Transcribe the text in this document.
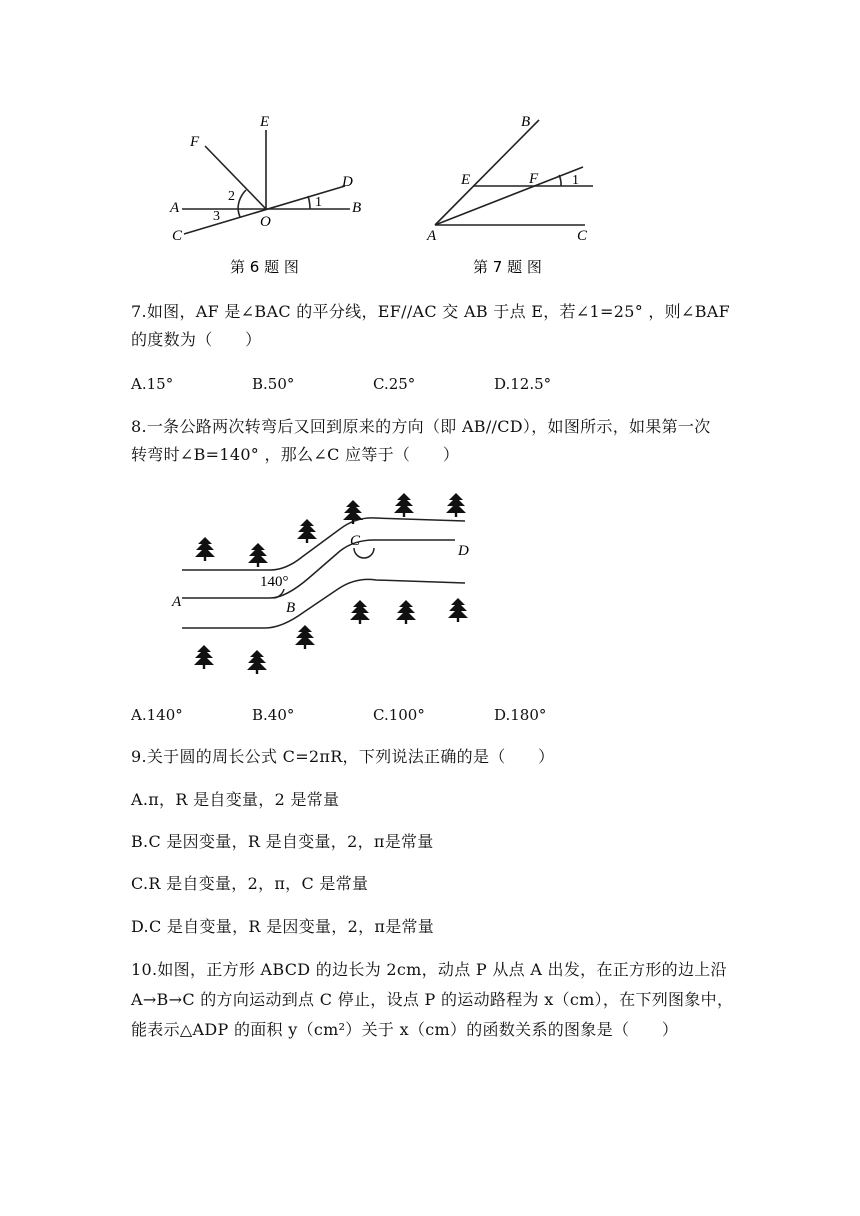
E
F
A	B
C
D
O
1
2
3
第 6 题 图
B
E	F
A	C
1
第 7 题 图
7.如图，AF 是∠BAC 的平分线，EF//AC 交 AB 于点 E，若∠1=25° ，则∠BAF
的度数为（　　）
A.15°	B.50°	C.25°	D.12.5°
8.一条公路两次转弯后又回到原来的方向（即 AB//CD），如图所示，如果第一次
转弯时∠B=140° ，那么∠C 应等于（　　）
140°
A	B
C
D
A.140°	B.40°	C.100°	D.180°
9.关于圆的周长公式 C=2πR，下列说法正确的是（　　）
A.π，R 是自变量，2 是常量
B.C 是因变量，R 是自变量，2，π是常量
C.R 是自变量，2，π，C 是常量
D.C 是自变量，R 是因变量，2，π是常量
10.如图，正方形 ABCD 的边长为 2cm，动点 P 从点 A 出发，在正方形的边上沿
A→B→C 的方向运动到点 C 停止，设点 P 的运动路程为 x（cm），在下列图象中，
能表示△ADP 的面积 y（cm²）关于 x（cm）的函数关系的图象是（　　）
